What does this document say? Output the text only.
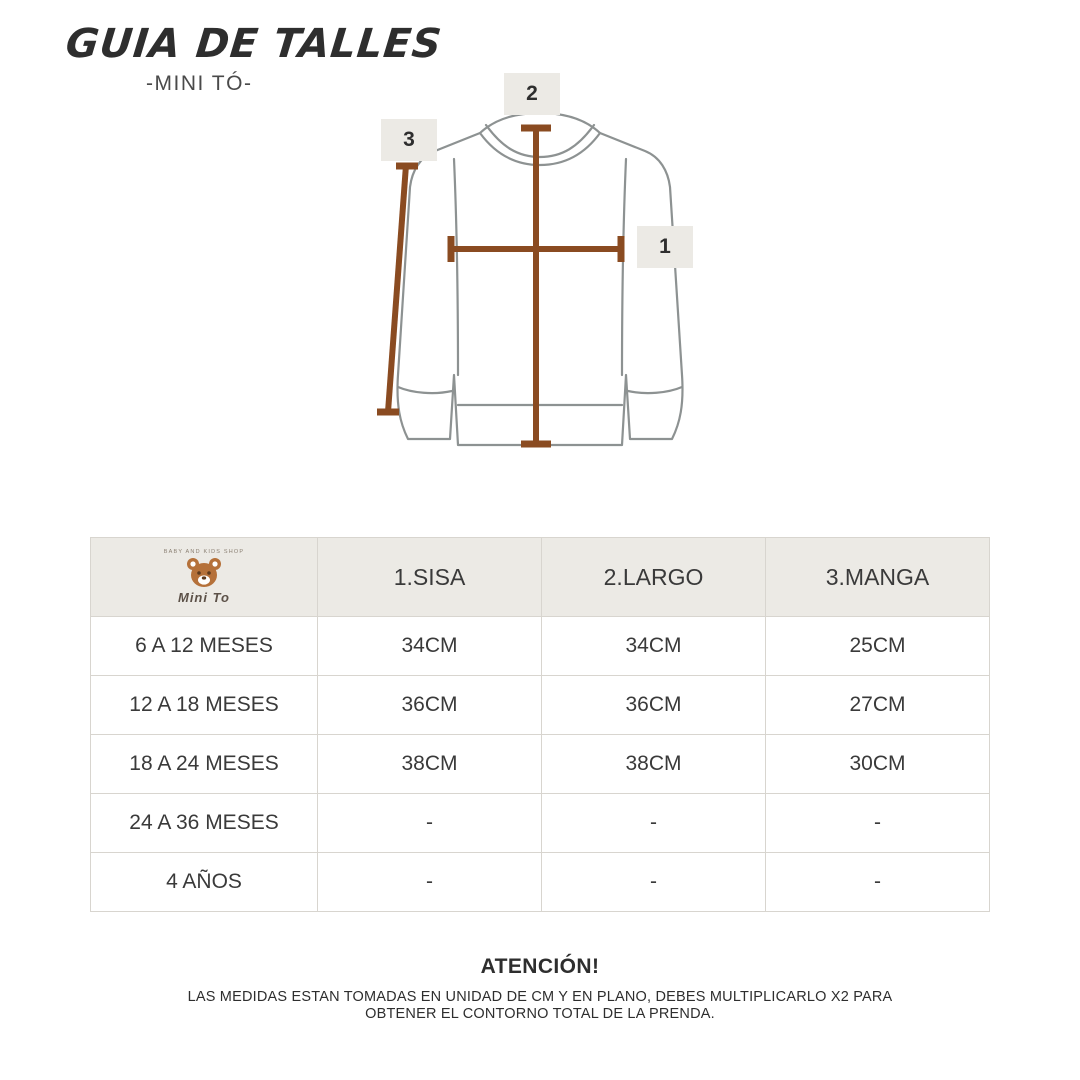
GUIA DE TALLES
-MINI TÓ-
1
2
3
BABY AND KIDS SHOP
Mini To	1.SISA	2.LARGO	3.MANGA
6 A 12 MESES	34CM	34CM	25CM
12 A 18 MESES	36CM	36CM	27CM
18 A 24 MESES	38CM	38CM	30CM
24 A 36 MESES	-	-	-
4 AÑOS	-	-	-
ATENCIÓN!
LAS MEDIDAS ESTAN TOMADAS EN UNIDAD DE CM Y EN PLANO, DEBES MULTIPLICARLO X2 PARA
OBTENER EL CONTORNO TOTAL DE LA PRENDA.
